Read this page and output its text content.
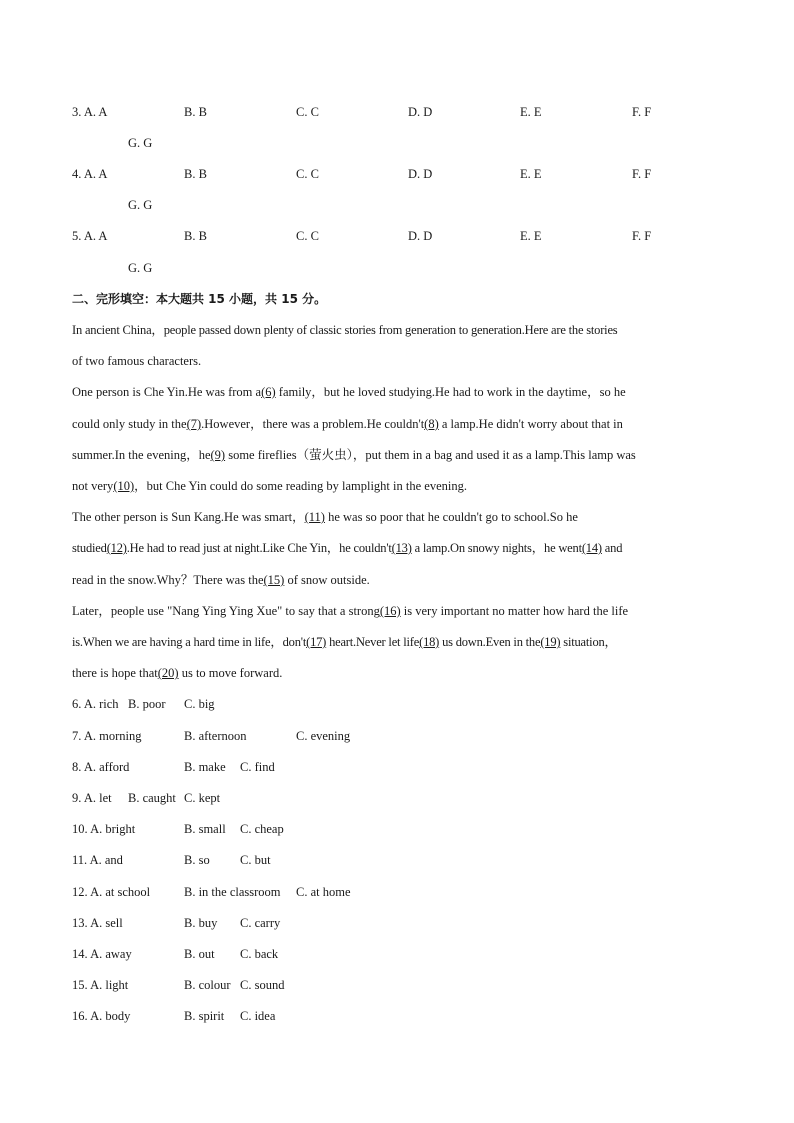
3. A. A	B. B	C. C	D. D	E. E	F. F
G. G
4. A. A	B. B	C. C	D. D	E. E	F. F
G. G
5. A. A	B. B	C. C	D. D	E. E	F. F
G. G
二、完形填空：本大题共 15 小题，共 15 分。
In ancient China，people passed down plenty of classic stories from generation to generation.Here are the stories
of two famous characters.
One person is Che Yin.He was from a(6) family，but he loved studying.He had to work in the daytime，so he
could only study in the(7).However，there was a problem.He couldn't(8) a lamp.He didn't worry about that in
summer.In the evening，he(9) some fireflies（萤火虫），put them in a bag and used it as a lamp.This lamp was
not very(10)，but Che Yin could do some reading by lamplight in the evening.
The other person is Sun Kang.He was smart，(11) he was so poor that he couldn't go to school.So he
studied(12).He had to read just at night.Like Che Yin，he couldn't(13) a lamp.On snowy nights，he went(14) and
read in the snow.Why？There was the(15) of snow outside.
Later，people use "Nang Ying Ying Xue" to say that a strong(16) is very important no matter how hard the life
is.When we are having a hard time in life，don't(17) heart.Never let life(18) us down.Even in the(19) situation，
there is hope that(20) us to move forward.
6. A. rich B. poor C. big
7. A. morning	B. afternoon	C. evening
8. A. afford	B. make C. find
9. A. let B. caught C. kept
10. A. bright	B. small C. cheap
11. A. and	B. so C. but
12. A. at school	B. in the classroom C. at home
13. A. sell	B. buy C. carry
14. A. away	B. out C. back
15. A. light	B. colour C. sound
16. A. body	B. spirit C. idea
